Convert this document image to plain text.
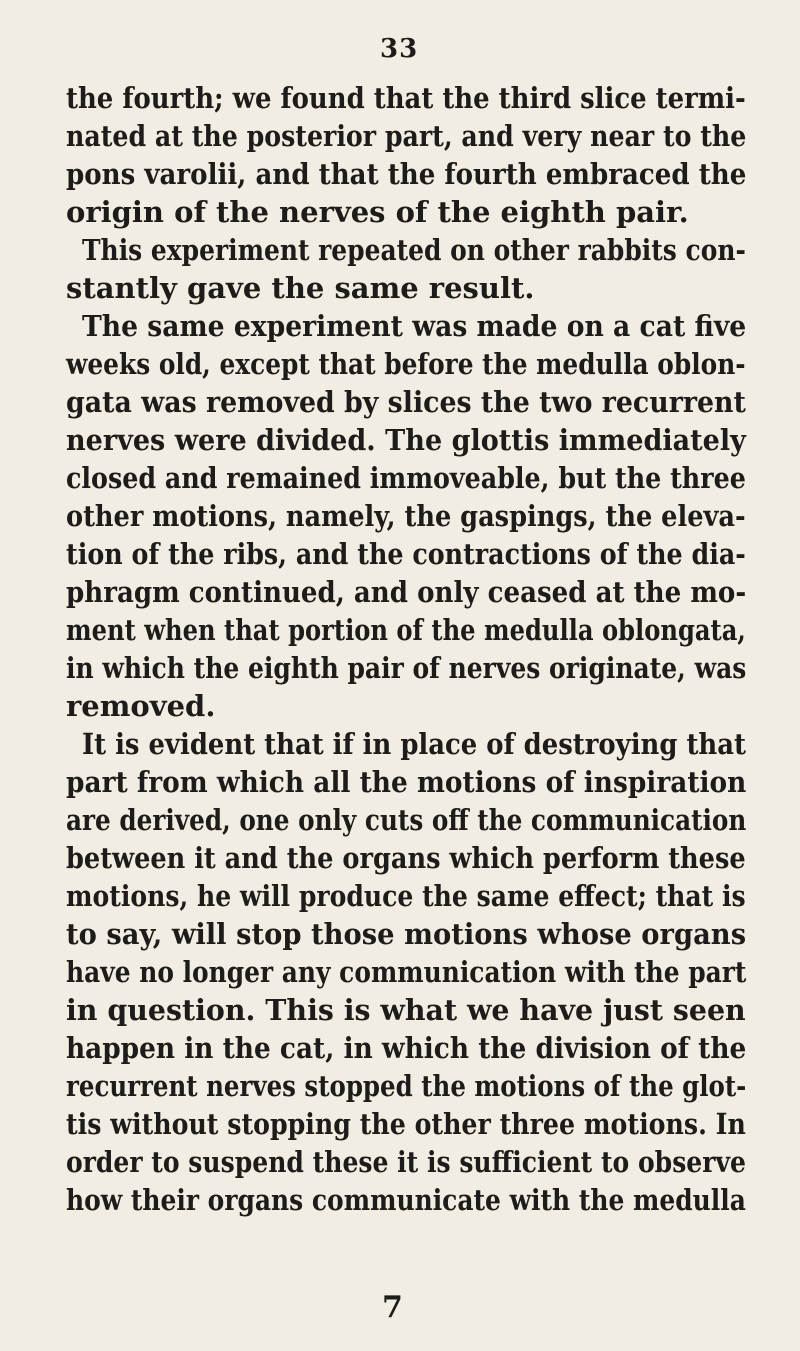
33
the fourth; we found that the third slice termi-
nated at the posterior part, and very near to the
pons varolii, and that the fourth embraced the
origin of the nerves of the eighth pair.
This experiment repeated on other rabbits con-
stantly gave the same result.
The same experiment was made on a cat five
weeks old, except that before the medulla oblon-
gata was removed by slices the two recurrent
nerves were divided. The glottis immediately
closed and remained immoveable, but the three
other motions, namely, the gaspings, the eleva-
tion of the ribs, and the contractions of the dia-
phragm continued, and only ceased at the mo-
ment when that portion of the medulla oblongata,
in which the eighth pair of nerves originate, was
removed.
It is evident that if in place of destroying that
part from which all the motions of inspiration
are derived, one only cuts off the communication
between it and the organs which perform these
motions, he will produce the same effect; that is
to say, will stop those motions whose organs
have no longer any communication with the part
in question. This is what we have just seen
happen in the cat, in which the division of the
recurrent nerves stopped the motions of the glot-
tis without stopping the other three motions. In
order to suspend these it is sufficient to observe
how their organs communicate with the medulla
7
